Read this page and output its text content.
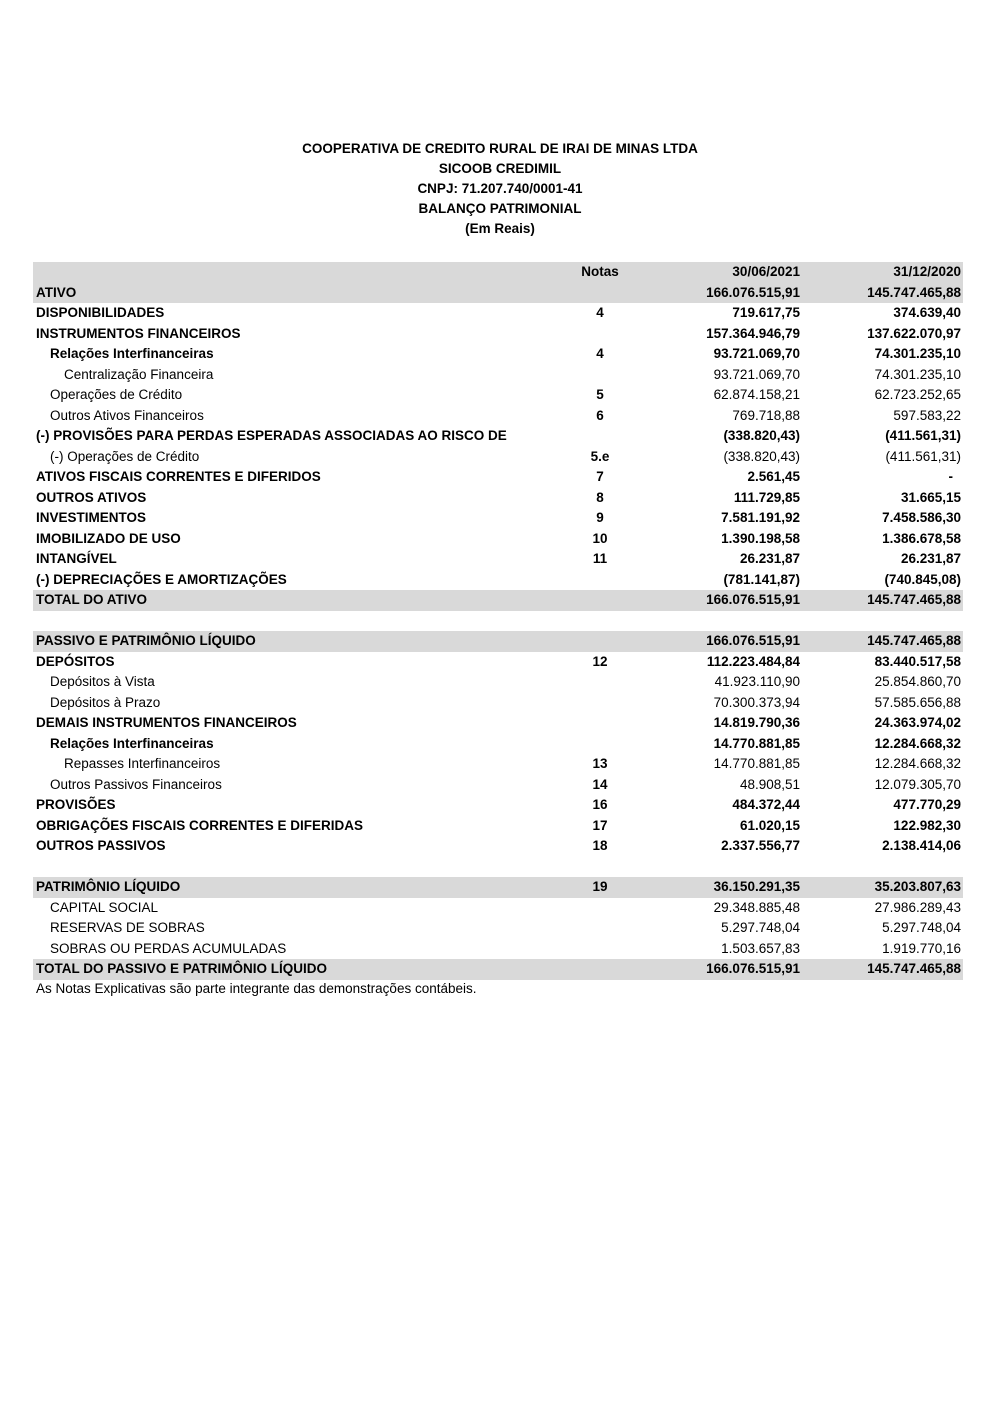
COOPERATIVA DE CREDITO RURAL DE IRAI DE MINAS LTDA
SICOOB CREDIMIL
CNPJ: 71.207.740/0001-41
BALANÇO PATRIMONIAL
(Em Reais)
Notas	30/06/2021	31/12/2020
ATIVO	166.076.515,91	145.747.465,88
DISPONIBILIDADES	4	719.617,75	374.639,40
INSTRUMENTOS FINANCEIROS	157.364.946,79	137.622.070,97
Relações Interfinanceiras	4	93.721.069,70	74.301.235,10
Centralização Financeira	93.721.069,70	74.301.235,10
Operações de Crédito	5	62.874.158,21	62.723.252,65
Outros Ativos Financeiros	6	769.718,88	597.583,22
(-) PROVISÕES PARA PERDAS ESPERADAS ASSOCIADAS AO RISCO DE	(338.820,43)	(411.561,31)
(-) Operações de Crédito	5.e	(338.820,43)	(411.561,31)
ATIVOS FISCAIS CORRENTES E DIFERIDOS	7	2.561,45	-
OUTROS ATIVOS	8	111.729,85	31.665,15
INVESTIMENTOS	9	7.581.191,92	7.458.586,30
IMOBILIZADO DE USO	10	1.390.198,58	1.386.678,58
INTANGÍVEL	11	26.231,87	26.231,87
(-) DEPRECIAÇÕES E AMORTIZAÇÕES	(781.141,87)	(740.845,08)
TOTAL DO ATIVO	166.076.515,91	145.747.465,88
PASSIVO E PATRIMÔNIO LÍQUIDO	166.076.515,91	145.747.465,88
DEPÓSITOS	12	112.223.484,84	83.440.517,58
Depósitos à Vista	41.923.110,90	25.854.860,70
Depósitos à Prazo	70.300.373,94	57.585.656,88
DEMAIS INSTRUMENTOS FINANCEIROS	14.819.790,36	24.363.974,02
Relações Interfinanceiras	14.770.881,85	12.284.668,32
Repasses Interfinanceiros	13	14.770.881,85	12.284.668,32
Outros Passivos Financeiros	14	48.908,51	12.079.305,70
PROVISÕES	16	484.372,44	477.770,29
OBRIGAÇÕES FISCAIS CORRENTES E DIFERIDAS	17	61.020,15	122.982,30
OUTROS PASSIVOS	18	2.337.556,77	2.138.414,06
PATRIMÔNIO LÍQUIDO	19	36.150.291,35	35.203.807,63
CAPITAL SOCIAL	29.348.885,48	27.986.289,43
RESERVAS DE SOBRAS	5.297.748,04	5.297.748,04
SOBRAS OU PERDAS ACUMULADAS	1.503.657,83	1.919.770,16
TOTAL DO PASSIVO E PATRIMÔNIO LÍQUIDO	166.076.515,91	145.747.465,88
As Notas Explicativas são parte integrante das demonstrações contábeis.
